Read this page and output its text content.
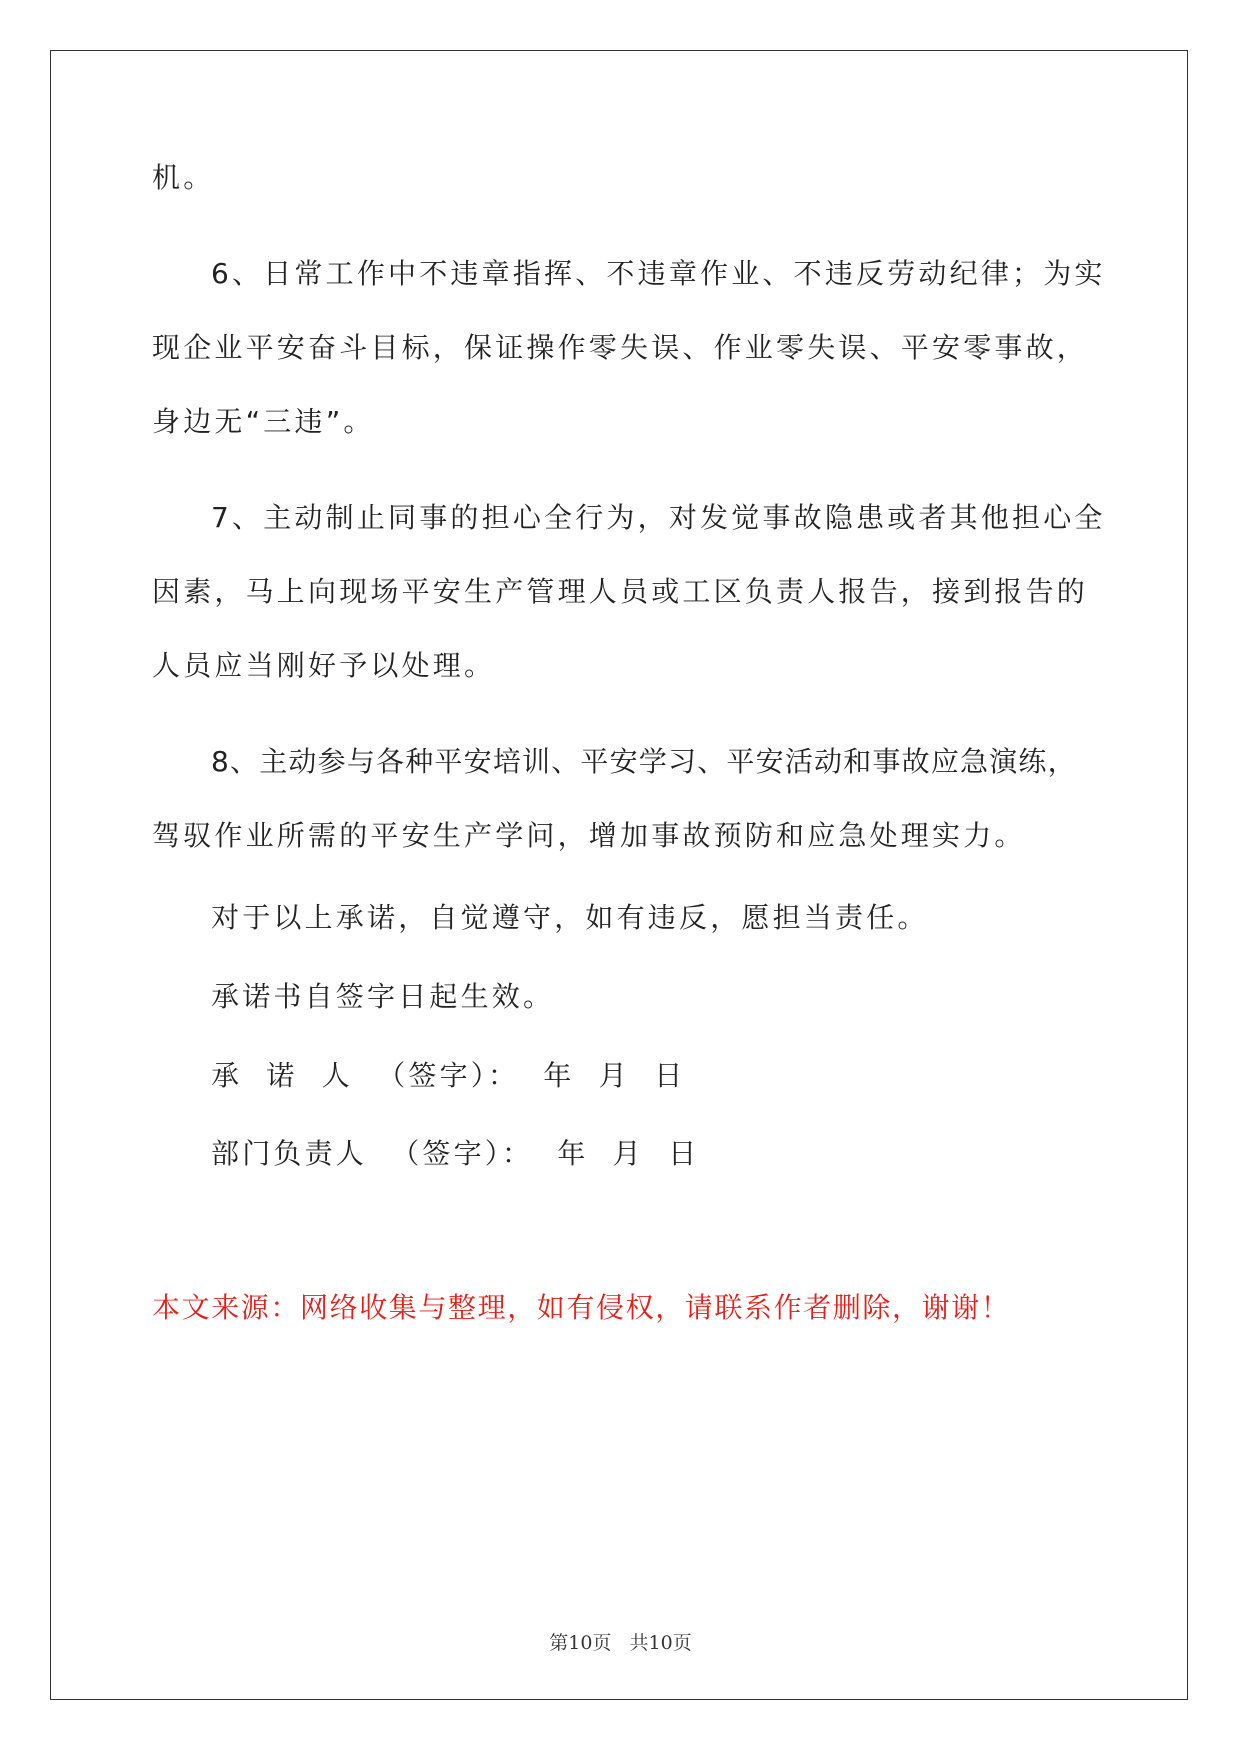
机。
6、日常工作中不违章指挥、不违章作业、不违反劳动纪律；为实
现企业平安奋斗目标，保证操作零失误、作业零失误、平安零事故，
身边无“三违”。
7、主动制止同事的担心全行为，对发觉事故隐患或者其他担心全
因素，马上向现场平安生产管理人员或工区负责人报告，接到报告的
人员应当刚好予以处理。
8、主动参与各种平安培训、平安学习、平安活动和事故应急演练，
驾驭作业所需的平安生产学问，增加事故预防和应急处理实力。
对于以上承诺，自觉遵守，如有违反，愿担当责任。
承诺书自签字日起生效。
承  诺  人  （签字）：  年  月  日
部门负责人  （签字）：  年  月  日
本文来源：网络收集与整理，如有侵权，请联系作者删除，谢谢！
第10页   共10页
